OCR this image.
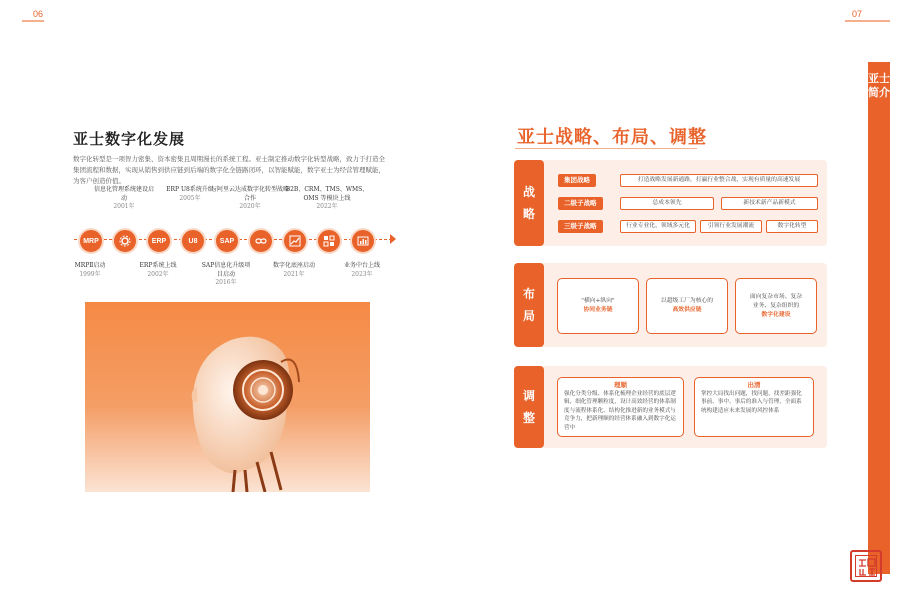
06	07
亚士数字化发展
数字化转型是一项智力密集、资本密集且周期漫长的系统工程。亚士制定推动数字化转型战略，致力于打造全集团流程和数据，实现从销售到供应链到后端的数字化全链路闭环，以智能赋能，数字亚士为经营管理赋能，为客户创造价值。
信息化管理系统建设启动
2001年
ERP U8系统升级
2005年
与阿里云达成数字化转型战略合作
2020年
B2B、CRM、TMS、WMS、OMS 等模块上线
2022年
MRP	ERP	U8	SAP
MRPⅡ启动
1999年
ERP系统上线
2002年
SAP信息化升级项目启动
2016年
数字化底座启动
2021年
业务中台上线
2023年
亚士战略、布局、调整
战
略
集团战略	打造战略发展新通路，打赢行业整合战，实现有质量的高速发展
二级子战略	总成本领先	新技术新产品新模式
三级子战略	行业专业化，领域多元化	引领行业发展潮流	数字化转型
布
局
"横向+纵向"
协同业务链
以超级工厂为核心的
高效供应链
面向复杂市场、复杂
业务、复杂组织的
数字化建设
调
整
理顺
强化分类分级、体系化梳理企业经营的底层逻辑，细化管理颗粒度，设计高效经营的体系制度与流程体系化、结构化推进新的业务模式与竞争力，把新理顺的经营体系融入到数字化运营中
出清
掌控大局找出问题，找问题，找差距强化事前、事中、事后的准入与管理，全面系统构建适应未来发展的风控体系
亚士简介
